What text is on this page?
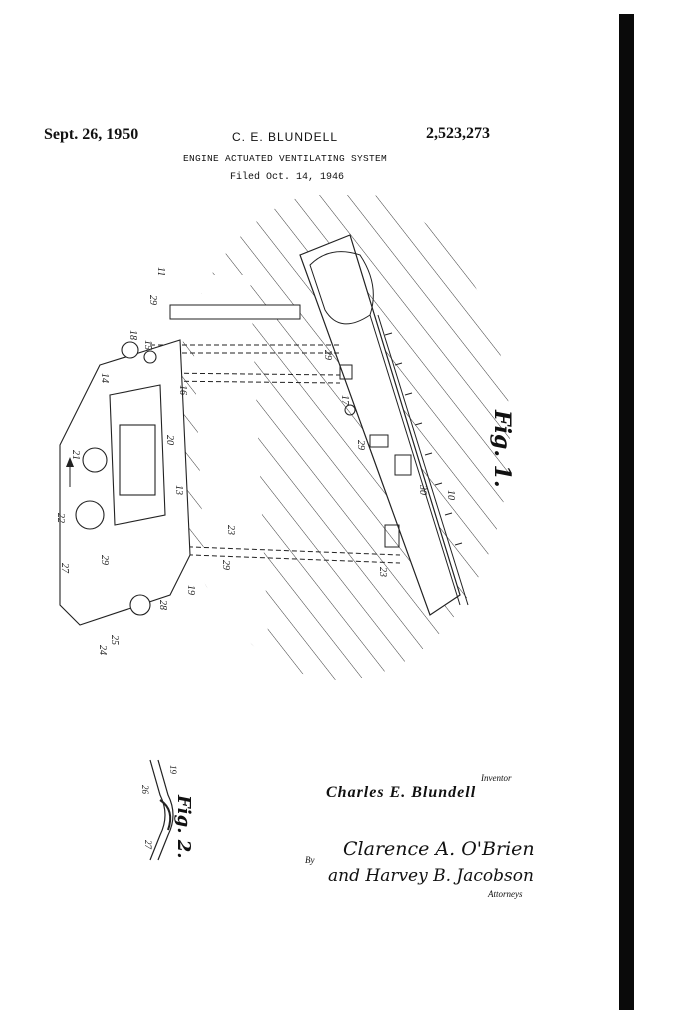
Sept. 26, 1950	C. E. BLUNDELL	2,523,273
ENGINE ACTUATED VENTILATING SYSTEM
Filed Oct. 14, 1946
11
29
18
15
14
16
20
13
21
22
27
29
19
28
24
25
23
29
29
17
29
23
30 10
Fig. 1.
26
19
27 Fig. 2.
Inventor
Charles E. Blundell
By Clarence A. O'Brien
and Harvey B. Jacobson
Attorneys
